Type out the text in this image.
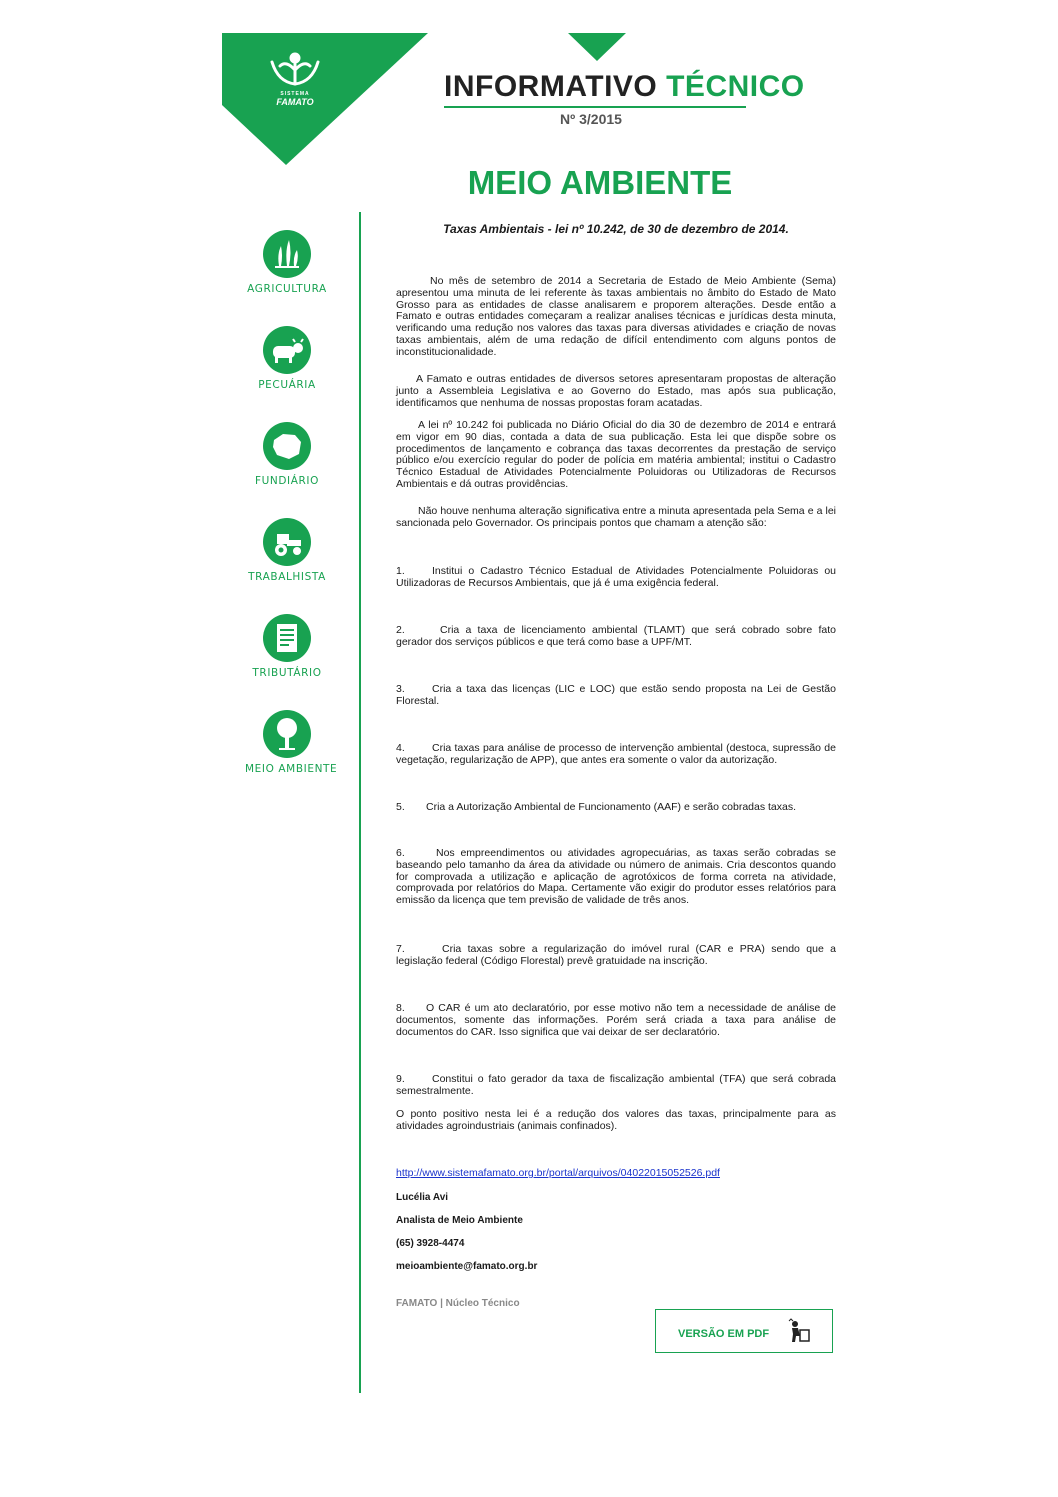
SISTEMA
FAMATO	INFORMATIVO TÉCNICO
Nº 3/2015
MEIO AMBIENTE
AGRICULTURA
PECUÁRIA
FUNDIÁRIO
TRABALHISTA
TRIBUTÁRIO
MEIO AMBIENTE
Taxas Ambientais - lei nº 10.242, de 30 de dezembro de 2014.
No mês de setembro de 2014 a Secretaria de Estado de Meio Ambiente (Sema) apresentou uma minuta de lei referente às taxas ambientais no âmbito do Estado de Mato Grosso para as entidades de classe analisarem e proporem alterações. Desde então a Famato e outras entidades começaram a realizar analises técnicas e jurídicas desta minuta, verificando uma redução nos valores das taxas para diversas atividades e criação de novas taxas ambientais, além de uma redação de difícil entendimento com alguns pontos de inconstitucionalidade.
A Famato e outras entidades de diversos setores apresentaram propostas de alteração junto a Assembleia Legislativa e ao Governo do Estado, mas após sua publicação, identificamos que nenhuma de nossas propostas foram acatadas.
A lei nº 10.242 foi publicada no Diário Oficial do dia 30 de dezembro de 2014 e entrará em vigor em 90 dias, contada a data de sua publicação. Esta lei que dispõe sobre os procedimentos de lançamento e cobrança das taxas decorrentes da prestação de serviço público e/ou exercício regular do poder de polícia em matéria ambiental; institui o Cadastro Técnico Estadual de Atividades Potencialmente Poluidoras ou Utilizadoras de Recursos Ambientais e dá outras providências.
Não houve nenhuma alteração significativa entre a minuta apresentada pela Sema e a lei sancionada pelo Governador. Os principais pontos que chamam a atenção são:
1.	Institui o Cadastro Técnico Estadual de Atividades Potencialmente Poluidoras ou Utilizadoras de Recursos Ambientais, que já é uma exigência federal.
2.	Cria a taxa de licenciamento ambiental (TLAMT) que será cobrado sobre fato gerador dos serviços públicos e que terá como base a UPF/MT.
3.	Cria a taxa das licenças (LIC e LOC) que estão sendo proposta na Lei de Gestão Florestal.
4.	Cria taxas para análise de processo de intervenção ambiental (destoca, supressão de vegetação, regularização de APP), que antes era somente o valor da autorização.
5. Cria a Autorização Ambiental de Funcionamento (AAF) e serão cobradas taxas.
6.	Nos empreendimentos ou atividades agropecuárias, as taxas serão cobradas se baseando pelo tamanho da área da atividade ou número de animais. Cria descontos quando for comprovada a utilização e aplicação de agrotóxicos de forma correta na atividade, comprovada por relatórios do Mapa. Certamente vão exigir do produtor esses relatórios para emissão da licença que tem previsão de validade de três anos.
7.	Cria taxas sobre a regularização do imóvel rural (CAR e PRA) sendo que a legislação federal (Código Florestal) prevê gratuidade na inscrição.
8. O CAR é um ato declaratório, por esse motivo não tem a necessidade de análise de documentos, somente das informações. Porém será criada a taxa para análise de documentos do CAR. Isso significa que vai deixar de ser declaratório.
9.	Constitui o fato gerador da taxa de fiscalização ambiental (TFA) que será cobrada semestralmente.
O ponto positivo nesta lei é a redução dos valores das taxas, principalmente para as atividades agroindustriais (animais confinados).
http://www.sistemafamato.org.br/portal/arquivos/04022015052526.pdf
Lucélia Avi
Analista de Meio Ambiente
(65) 3928-4474
meioambiente@famato.org.br
FAMATO | Núcleo Técnico
VERSÃO EM PDF
